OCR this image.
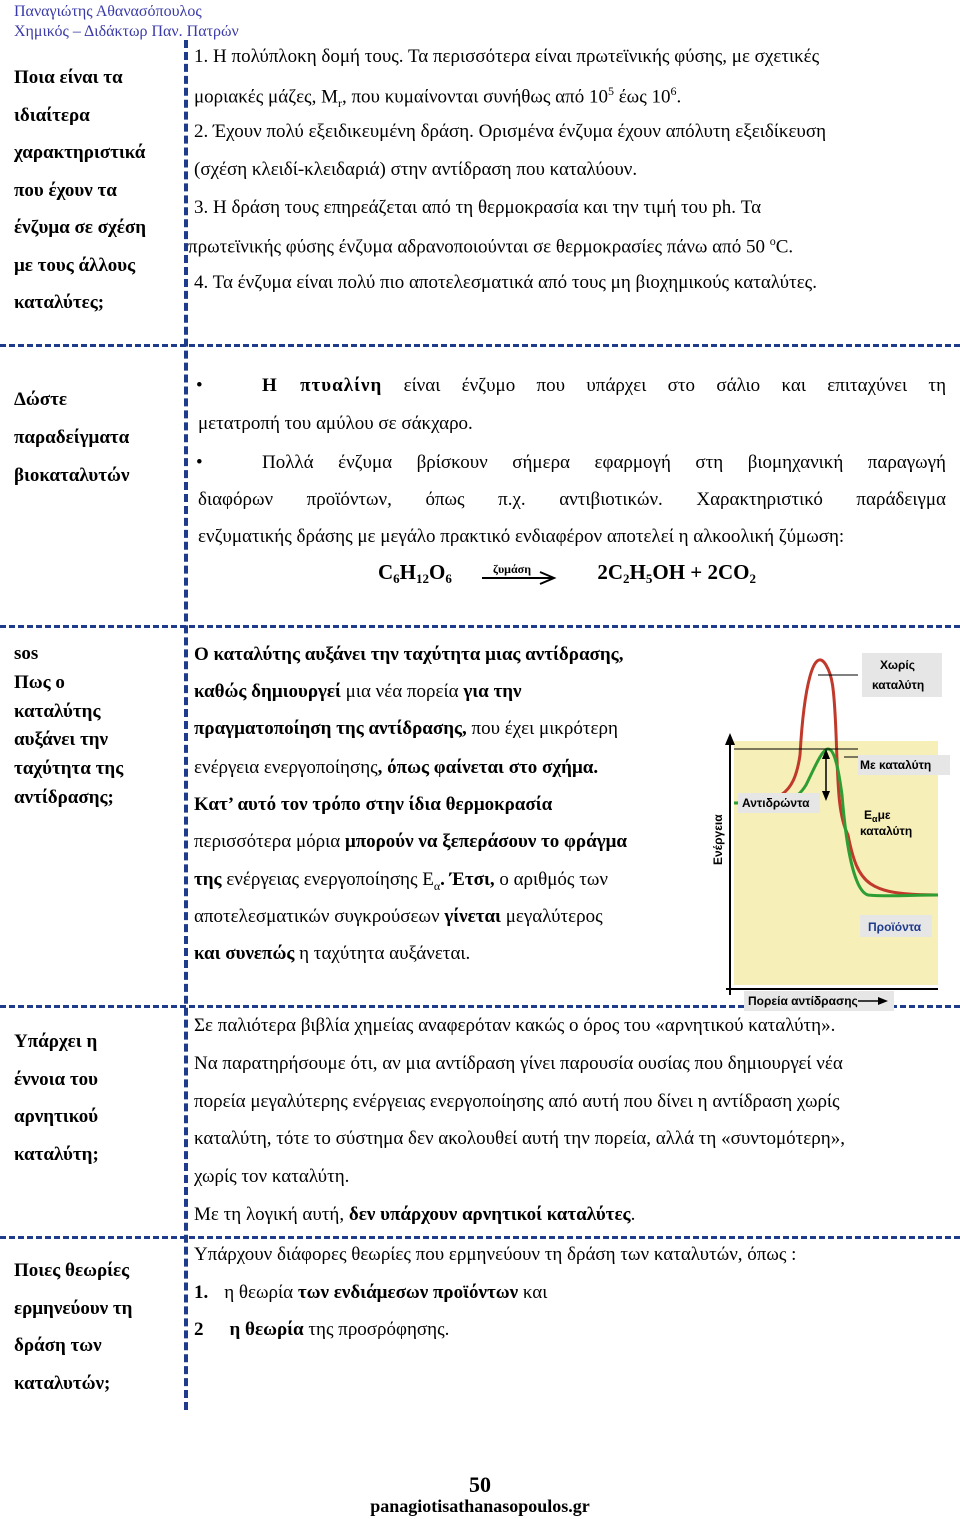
Παναγιώτης Αθανασόπουλος
Χημικός – Διδάκτωρ Παν. Πατρών
Ποια είναι τα
ιδιαίτερα
χαρακτηριστικά
που έχουν τα
ένζυμα σε σχέση
με τους άλλους
καταλύτες;
1. Η πολύπλοκη δομή τους. Τα περισσότερα είναι πρωτεϊνικής φύσης, με σχετικές
μοριακές μάζες, $M_r$, που κυμαίνονται συνήθως από $10^5$ έως $10^6$.
2. Έχουν πολύ εξειδικευμένη δράση. Ορισμένα ένζυμα έχουν απόλυτη εξειδίκευση
(σχέση κλειδί-κλειδαριά) στην αντίδραση που καταλύουν.
3. Η δράση τους επηρεάζεται από τη θερμοκρασία και την τιμή του ph. Τα
πρωτεϊνικής φύσης ένζυμα αδρανοποιούνται σε θερμοκρασίες πάνω από 50 $^o$C.
4. Τα ένζυμα είναι πολύ πιο αποτελεσματικά από τους μη βιοχημικούς καταλύτες.
Δώστε
παραδείγματα
βιοκαταλυτών
• Η πτυαλίνη είναι ένζυμο που υπάρχει στο σάλιο και επιταχύνει τη
μετατροπή του αμύλου σε σάκχαρο.
• Πολλά ένζυμα βρίσκουν σήμερα εφαρμογή στη βιομηχανική παραγωγή
διαφόρων προϊόντων, όπως π.χ. αντιβιοτικών. Χαρακτηριστικό παράδειγμα
ενζυματικής δράσης με μεγάλο πρακτικό ενδιαφέρον αποτελεί η αλκοολική ζύμωση:
$C_6H_{12}O_6$	$2C_2H_5OH + 2CO_2$
ζυμάση
sos
Πως ο
καταλύτης
αυξάνει την
ταχύτητα της
αντίδρασης;
Ο καταλύτης αυξάνει την ταχύτητα μιας αντίδρασης,
καθώς δημιουργεί μια νέα πορεία για την
πραγματοποίηση της αντίδρασης, που έχει μικρότερη
ενέργεια ενεργοποίησης, όπως φαίνεται στο σχήμα.
Κατ’ αυτό τον τρόπο στην ίδια θερμοκρασία
περισσότερα μόρια μπορούν να ξεπεράσουν το φράγμα
της ενέργειας ενεργοποίησης $E_\alpha$. Έτσι, ο αριθμός των
αποτελεσματικών συγκρούσεων γίνεται μεγαλύτερος
και συνεπώς η ταχύτητα αυξάνεται.
Χωρίς
καταλύτη
Με καταλύτη
Αντιδρώντα
$E_\alpha\mu\varepsilon$
καταλύτη
Προϊόντα
Ενέργεια
Πορεία αντίδρασης
Υπάρχει η
έννοια του
αρνητικού
καταλύτη;
Σε παλιότερα βιβλία χημείας αναφερόταν κακώς ο όρος του «αρνητικού καταλύτη».
Να παρατηρήσουμε ότι, αν μια αντίδραση γίνει παρουσία ουσίας που δημιουργεί νέα
πορεία μεγαλύτερης ενέργειας ενεργοποίησης από αυτή που δίνει η αντίδραση χωρίς
καταλύτη, τότε το σύστημα δεν ακολουθεί αυτή την πορεία, αλλά τη «συντομότερη»,
χωρίς τον καταλύτη.
Με τη λογική αυτή, δεν υπάρχουν αρνητικοί καταλύτες.
Ποιες θεωρίες
ερμηνεύουν τη
δράση των
καταλυτών;
Υπάρχουν διάφορες θεωρίες που ερμηνεύουν τη δράση των καταλυτών, όπως :
1. η θεωρία των ενδιάμεσων προϊόντων και
2 η θεωρία της προσρόφησης.
50
panagiotisathanasopoulos.gr
